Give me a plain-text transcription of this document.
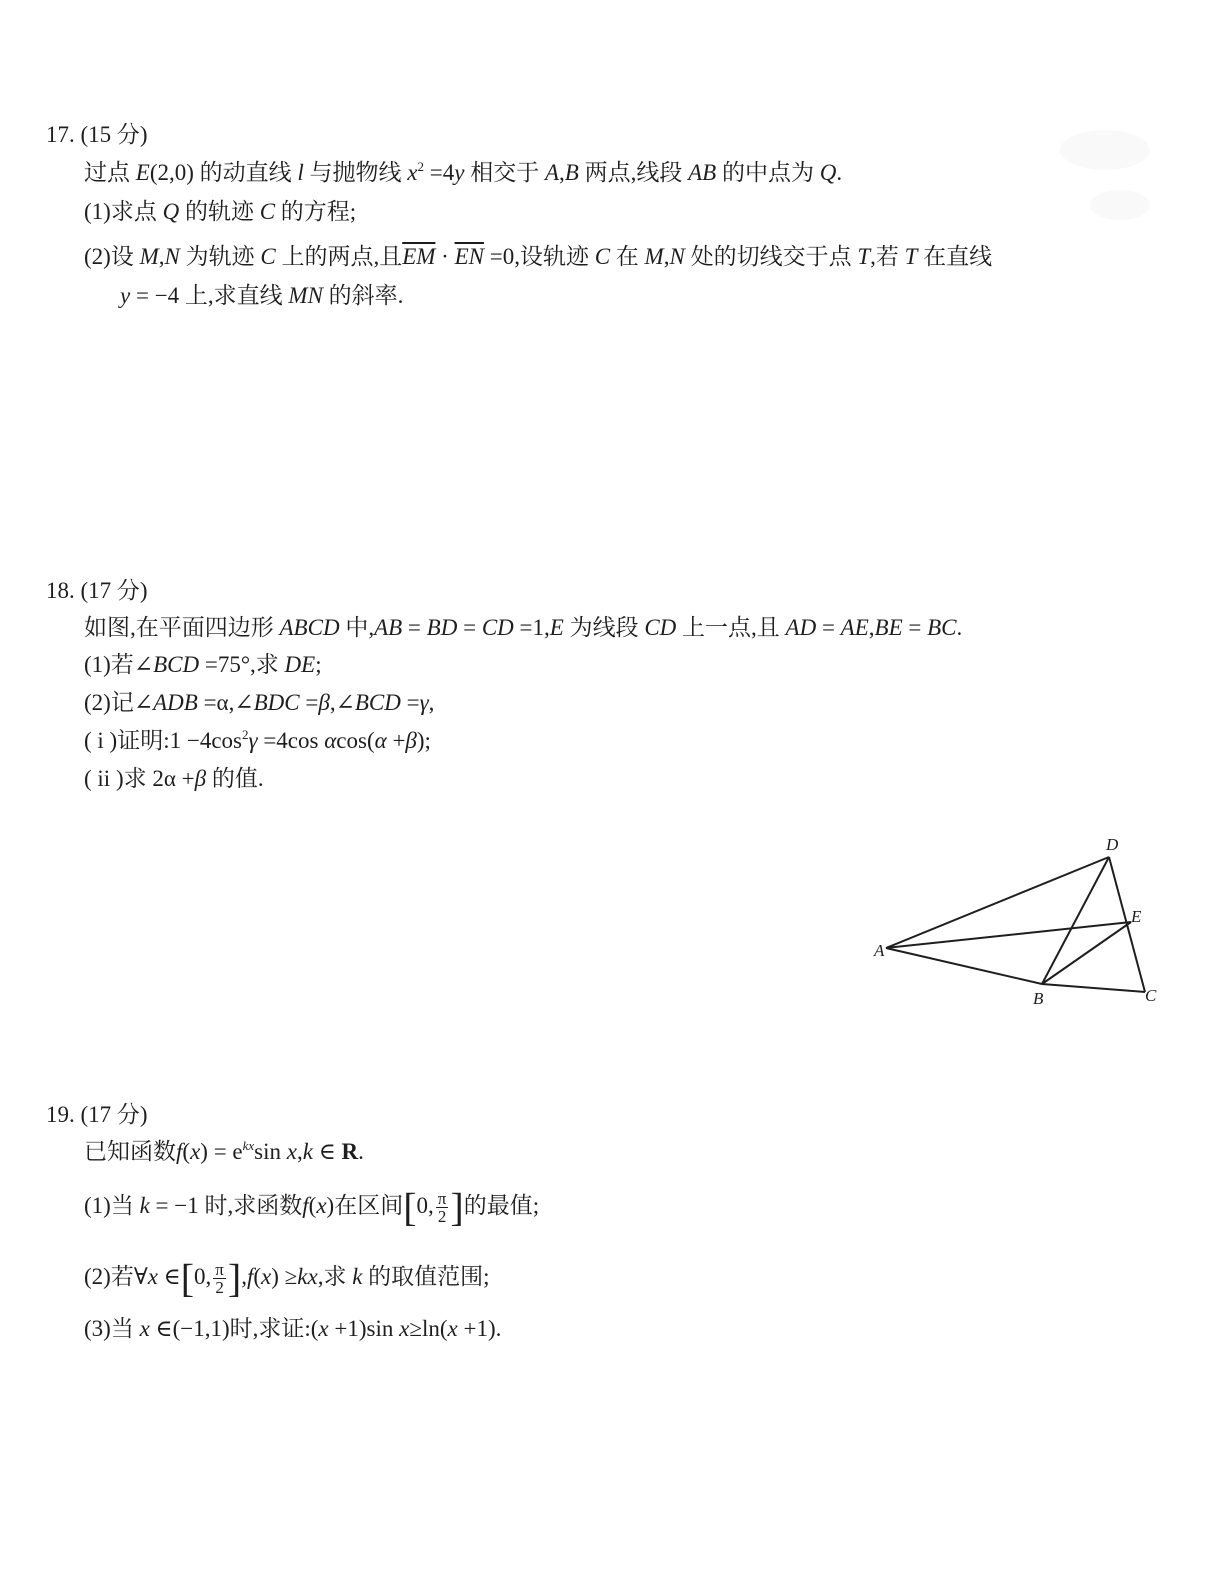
17. (15 分)
过点 E(2,0) 的动直线 l 与抛物线 $x^2 =4y$ 相交于 A,B 两点,线段 AB 的中点为 Q.
(1)求点 Q 的轨迹 C 的方程;
(2)设 M,N 为轨迹 C 上的两点,且$\overline{EM} \cdot \overline{EN} =0$,设轨迹 C 在 M,N 处的切线交于点 T,若 T 在直线
y = −4 上,求直线 MN 的斜率.
18. (17 分)
如图,在平面四边形 ABCD 中,AB = BD = CD =1,E 为线段 CD 上一点,且 AD = AE,BE = BC.
(1)若∠BCD =75°,求 DE;
(2)记∠ADB =α,∠BDC =β,∠BCD =γ,
( i )证明:1 $-4\cos^2\gamma =4\cos$ αcos(α +β);
( ii )求 2α +β 的值.
D
E
A
B	C
19. (17 分)
已知函数$f(x) = e^{kx}\sin$ x,k ∈ R.
(1)当 k = −1 时,求函数f(x)在区间[0, $\frac{\pi}{2}$ ]的最值;
(2)若∀x ∈[0, $\frac{\pi}{2} ],f(x) \ge kx$,求 k 的取值范围;
(3)当 x ∈(−1,1)时,求证:(x +1)sin x≥ln(x +1).
